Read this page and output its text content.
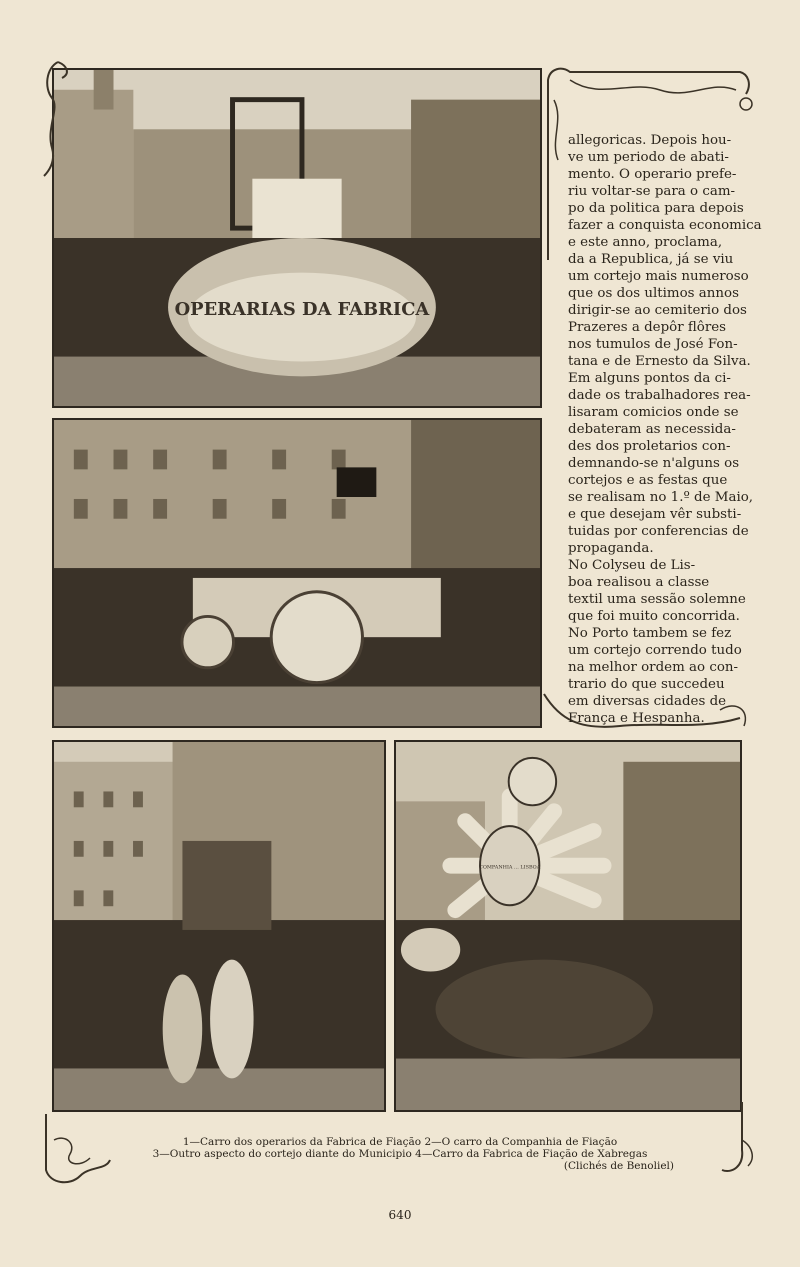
OPERARIAS DA FABRICA
COMPANHIA ... LISBOA
allegoricas. Depois hou-
ve um periodo de abati-
mento. O operario prefe-
riu voltar-se para o cam-
po da politica para depois
fazer a conquista economica
e este anno, proclama,
da a Republica, já se viu
um cortejo mais numeroso
que os dos ultimos annos
dirigir-se ao cemiterio dos
Prazeres a depôr flôres
nos tumulos de José Fon-
tana e de Ernesto da Silva.
Em alguns pontos da ci-
dade os trabalhadores rea-
lisaram comicios onde se
debateram as necessida-
des dos proletarios con-
demnando-se n'alguns os
cortejos e as festas que
se realisam no 1.º de Maio,
e que desejam vêr substi-
tuidas por conferencias de
propaganda.
No Colyseu de Lis-
boa realisou a classe
textil uma sessão solemne
que foi muito concorrida.
No Porto tambem se fez
um cortejo correndo tudo
na melhor ordem ao con-
trario do que succedeu
em diversas cidades de
França e Hespanha.
1—Carro dos operarios da Fabrica de Fiação 2—O carro da Companhia de Fiação
3—Outro aspecto do cortejo diante do Municipio 4—Carro da Fabrica de Fiação de Xabregas
(Clichés de Benoliel)
640
